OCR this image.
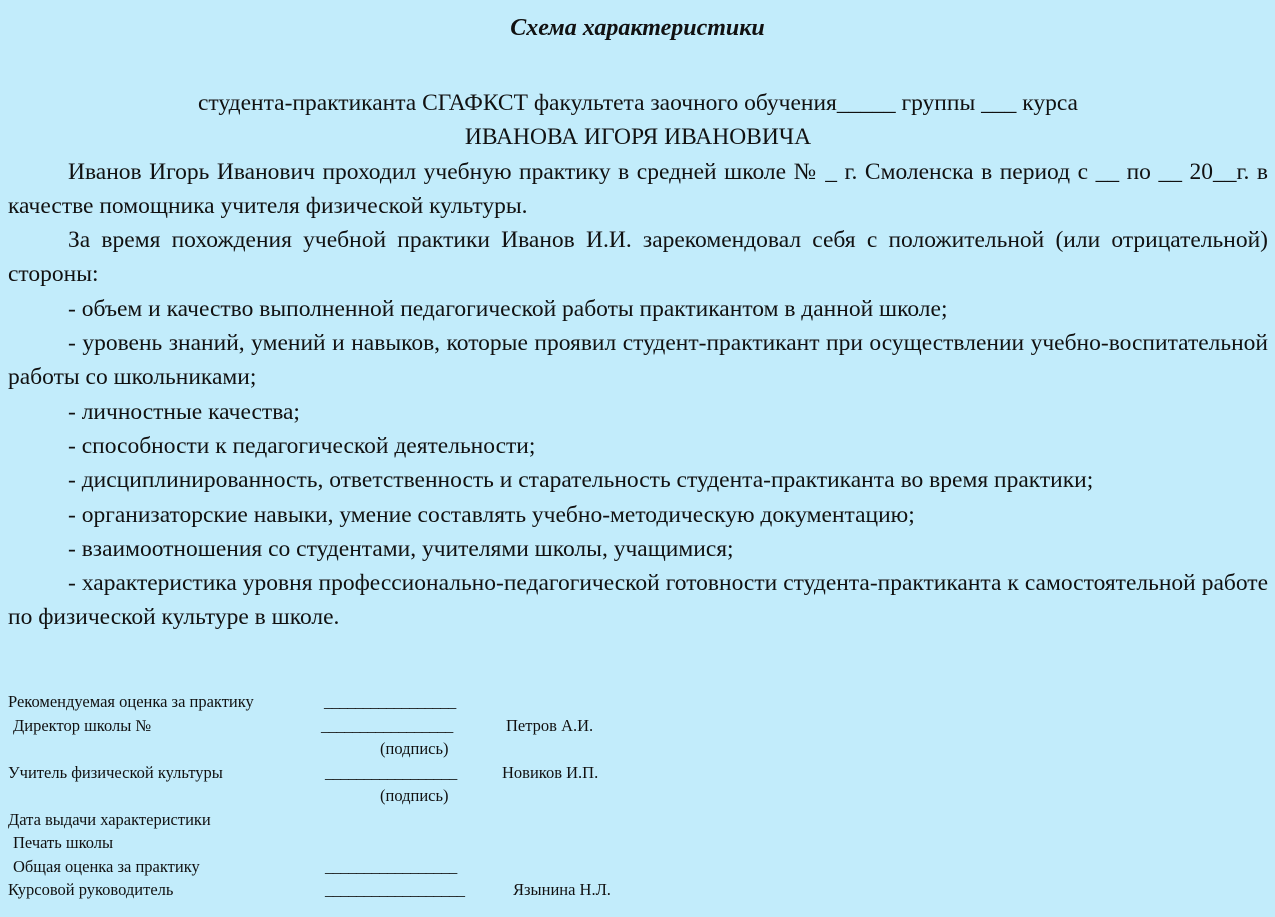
Схема характеристики

студента-практиканта СГАФКСТ факультета заочного обучения_____ группы ___ курса

ИВАНОВА ИГОРЯ ИВАНОВИЧА

Иванов Игорь Иванович проходил учебную практику в средней школе № _ г. Смоленска в период с __ по __ 20__г. в качестве помощника учителя физической культуры.

За время похождения учебной практики Иванов И.И. зарекомендовал себя с положительной (или отрицательной) стороны:

- объем и качество выполненной педагогической работы практикантом в данной школе;

- уровень знаний, умений и навыков, которые проявил студент-практикант при осуществлении учебно-воспитательной работы со школьниками;

- личностные качества;

- способности к педагогической деятельности;

- дисциплинированность, ответственность и старательность студента-практиканта во время практики;

- организаторские навыки, умение составлять учебно-методическую документацию;

- взаимоотношения со студентами, учителями школы, учащимися;

- характеристика уровня профессионально-педагогической готовности студента-практиканта к самостоятельной работе по физической культуре в школе.

Рекомендуемая оценка за практику	_________________
Директор школы №	_________________	Петров А.И.
(подпись)
Учитель физической культуры	_________________	Новиков И.П.
(подпись)
Дата выдачи характеристики
Печать школы
Общая оценка за практику	_________________
Курсовой руководитель	__________________	Язынина Н.Л.
